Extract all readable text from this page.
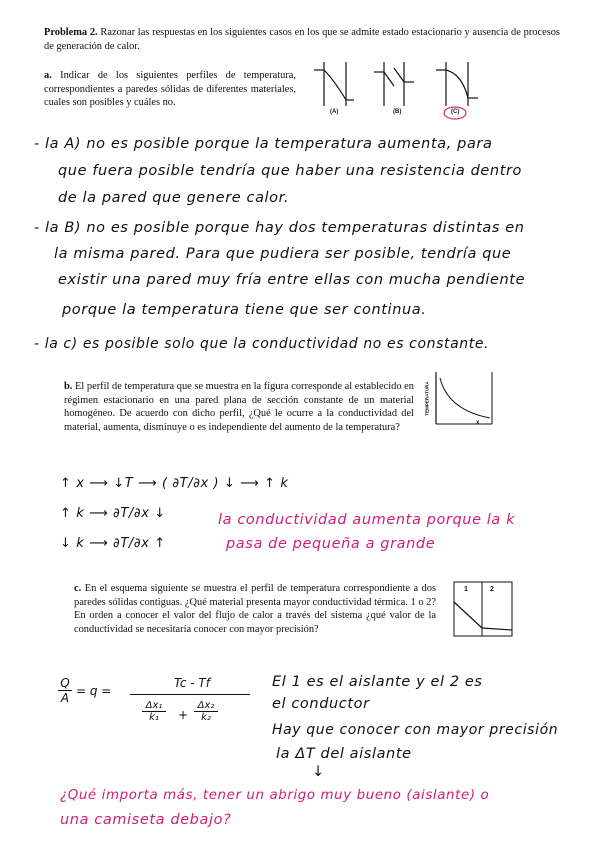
Problema 2. Razonar las respuestas en los siguientes casos en los que se admite estado estacionario y ausencia de procesos de generación de calor.
a. Indicar de los siguientes perfiles de temperatura, correspondientes a paredes sólidas de diferentes materiales, cuales son posibles y cuáles no.
(A)	(B)	(C)
- la A) no es posible porque la temperatura aumenta, para
que fuera posible tendría que haber una resistencia dentro
de la pared que genere calor.
- la B) no es posible porque hay dos temperaturas distintas en
la misma pared. Para que pudiera ser posible, tendría que
existir una pared muy fría entre ellas con mucha pendiente
porque la temperatura tiene que ser continua.
- la c) es posible solo que la conductividad no es constante.
b. El perfil de temperatura que se muestra en la figura corresponde al establecido en régimen estacionario en una pared plana de sección constante de un material homogéneo. De acuerdo con dicho perfil, ¿Qué le ocurre a la conductividad del material, aumenta, disminuye o es independiente del aumento de la temperatura?
TEMPERATURA
x
↑ x ⟶ ↓T ⟶ ( ∂T/∂x ) ↓ ⟶ ↑ k
↑ k ⟶ ∂T/∂x ↓
↓ k ⟶ ∂T/∂x ↑
la conductividad aumenta porque la k
pasa de pequeña a grande
c. En el esquema siguiente se muestra el perfil de temperatura correspondiente a dos paredes sólidas contiguas. ¿Qué material presenta mayor conductividad térmica. 1 o 2? En orden a conocer el valor del flujo de calor a través del sistema ¿qué valor de la conductividad se necesitaría conocer con mayor precisión?
1	2
Q
A = q =
Tc - Tf
Δx₁
k₁	+
Δx₂
k₂
El 1 es el aislante y el 2 es
el conductor
Hay que conocer con mayor precisión
la ΔT del aislante
↓
¿Qué importa más, tener un abrigo muy bueno (aislante) o
una camiseta debajo?
